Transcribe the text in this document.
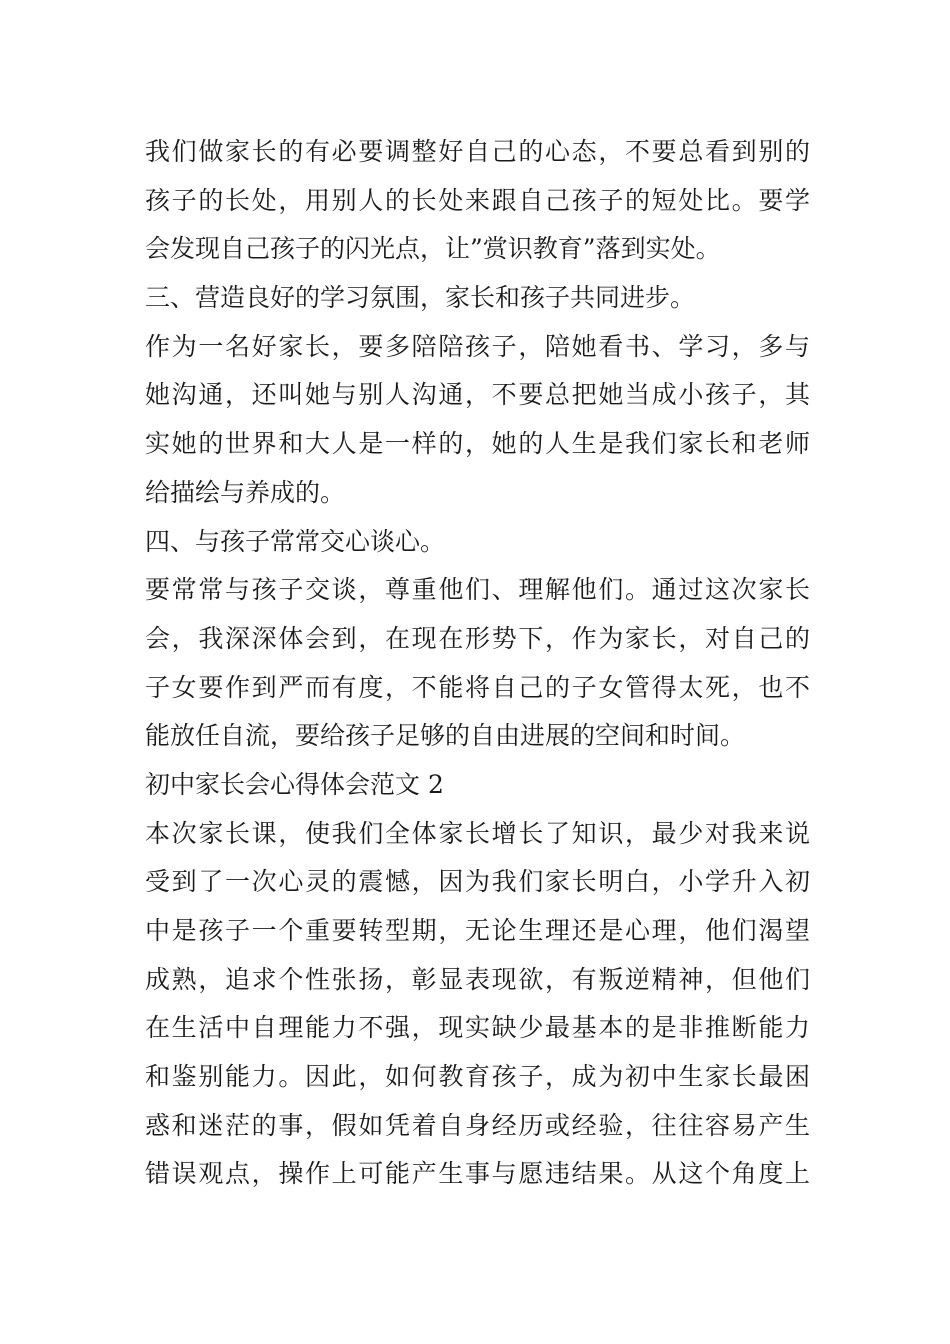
我们做家长的有必要调整好自己的心态，不要总看到别的
孩子的长处，用别人的长处来跟自己孩子的短处比。要学
会发现自己孩子的闪光点，让”赏识教育”落到实处。
三、营造良好的学习氛围，家长和孩子共同进步。
作为一名好家长，要多陪陪孩子，陪她看书、学习，多与
她沟通，还叫她与别人沟通，不要总把她当成小孩子，其
实她的世界和大人是一样的，她的人生是我们家长和老师
给描绘与养成的。
四、与孩子常常交心谈心。
要常常与孩子交谈，尊重他们、理解他们。通过这次家长
会，我深深体会到，在现在形势下，作为家长，对自己的
子女要作到严而有度，不能将自己的子女管得太死，也不
能放任自流，要给孩子足够的自由进展的空间和时间。
初中家长会心得体会范文 2
本次家长课，使我们全体家长增长了知识，最少对我来说
受到了一次心灵的震憾，因为我们家长明白，小学升入初
中是孩子一个重要转型期，无论生理还是心理，他们渴望
成熟，追求个性张扬，彰显表现欲，有叛逆精神，但他们
在生活中自理能力不强，现实缺少最基本的是非推断能力
和鉴别能力。因此，如何教育孩子，成为初中生家长最困
惑和迷茫的事，假如凭着自身经历或经验，往往容易产生
错误观点，操作上可能产生事与愿违结果。从这个角度上
